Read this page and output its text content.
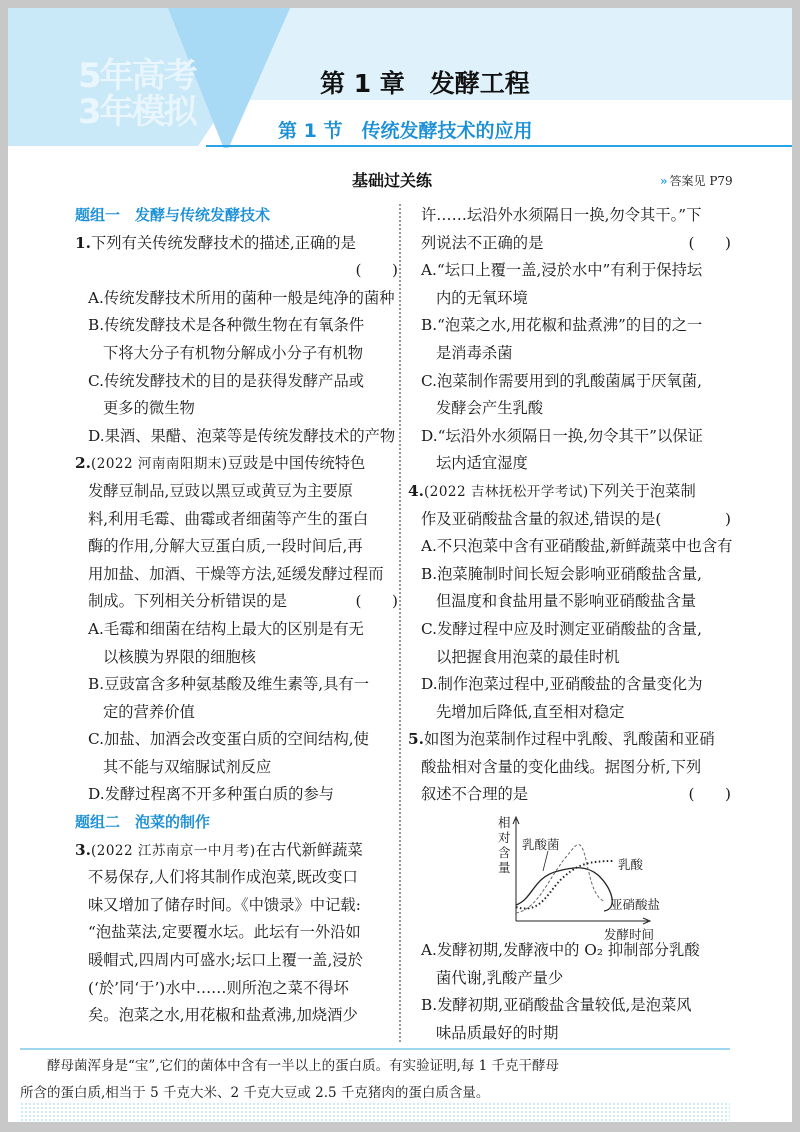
5年高考
3年模拟
第 1 章　发酵工程
第 1 节　传统发酵技术的应用
基础过关练	» 答案见 P79
题组一　发酵与传统发酵技术
1.下列有关传统发酵技术的描述,正确的是
(　　)
A.传统发酵技术所用的菌种一般是纯净的菌种
B.传统发酵技术是各种微生物在有氧条件
下将大分子有机物分解成小分子有机物
C.传统发酵技术的目的是获得发酵产品或
更多的微生物
D.果酒、果醋、泡菜等是传统发酵技术的产物
2.(2022 河南南阳期末)豆豉是中国传统特色
发酵豆制品,豆豉以黑豆或黄豆为主要原
料,利用毛霉、曲霉或者细菌等产生的蛋白
酶的作用,分解大豆蛋白质,一段时间后,再
用加盐、加酒、干燥等方法,延缓发酵过程而
制成。下列相关分析错误的是	(　　)
A.毛霉和细菌在结构上最大的区别是有无
以核膜为界限的细胞核
B.豆豉富含多种氨基酸及维生素等,具有一
定的营养价值
C.加盐、加酒会改变蛋白质的空间结构,使
其不能与双缩脲试剂反应
D.发酵过程离不开多种蛋白质的参与
题组二　泡菜的制作
3.(2022 江苏南京一中月考)在古代新鲜蔬菜
不易保存,人们将其制作成泡菜,既改变口
味又增加了储存时间。《中馈录》中记载:
“泡盐菜法,定要覆水坛。此坛有一外沿如
暖帽式,四周内可盛水;坛口上覆一盖,浸於
(‘於’同‘于’)水中……则所泡之菜不得坏
矣。泡菜之水,用花椒和盐煮沸,加烧酒少
许……坛沿外水须隔日一换,勿令其干。”下
列说法不正确的是	(　　)
A.“坛口上覆一盖,浸於水中”有利于保持坛
内的无氧环境
B.“泡菜之水,用花椒和盐煮沸”的目的之一
是消毒杀菌
C.泡菜制作需要用到的乳酸菌属于厌氧菌,
发酵会产生乳酸
D.“坛沿外水须隔日一换,勿令其干”以保证
坛内适宜湿度
4.(2022 吉林抚松开学考试)下列关于泡菜制
作及亚硝酸盐含量的叙述,错误的是(	)
A.不只泡菜中含有亚硝酸盐,新鲜蔬菜中也含有
B.泡菜腌制时间长短会影响亚硝酸盐含量,
但温度和食盐用量不影响亚硝酸盐含量
C.发酵过程中应及时测定亚硝酸盐的含量,
以把握食用泡菜的最佳时机
D.制作泡菜过程中,亚硝酸盐的含量变化为
先增加后降低,直至相对稳定
5.如图为泡菜制作过程中乳酸、乳酸菌和亚硝
酸盐相对含量的变化曲线。据图分析,下列
叙述不合理的是	(　　)
相
对
含
量
发酵时间
乳酸菌
乳酸
亚硝酸盐
A.发酵初期,发酵液中的 O₂ 抑制部分乳酸
菌代谢,乳酸产量少
B.发酵初期,亚硝酸盐含量较低,是泡菜风
味品质最好的时期

　　酵母菌浑身是“宝”,它们的菌体中含有一半以上的蛋白质。有实验证明,每 1 千克干酵母

所含的蛋白质,相当于 5 千克大米、2 千克大豆或 2.5 千克猪肉的蛋白质含量。
